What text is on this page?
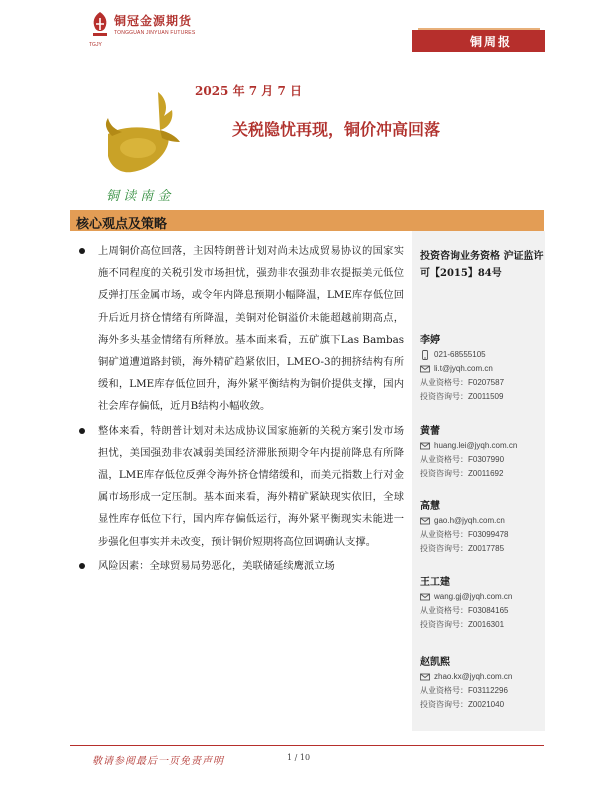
铜冠金源期货
TONGGUAN JINYUAN FUTURES
TGJY	铜周报
铜 读 南 金
2025 年 7 月 7 日
关税隐忧再现，铜价冲高回落
核心观点及策略
上周铜价高位回落，主因特朗普计划对尚未达成贸易协议的国家实施不同程度的关税引发市场担忧，强劲非农强劲非农提振美元低位反弹打压金属市场，或令年内降息预期小幅降温，LME库存低位回升后近月挤仓情绪有所降温，美铜对伦铜溢价未能超越前期高点，海外多头基金情绪有所释放。基本面来看，五矿旗下Las Bambas铜矿道遭道路封锁，海外精矿趋紧依旧，LMEO-3的拥挤结构有所缓和，LME库存低位回升，海外紧平衡结构为铜价提供支撑，国内社会库存偏低，近月B结构小幅收敛。
整体来看，特朗普计划对未达成协议国家施新的关税方案引发市场担忧，美国强劲非农减弱美国经济滞胀预期令年内提前降息有所降温，LME库存低位反弹令海外挤仓情绪缓和，而美元指数上行对金属市场形成一定压制。基本面来看，海外精矿紧缺现实依旧，全球显性库存低位下行，国内库存偏低运行，海外紧平衡现实未能进一步强化但事实并未改变，预计铜价短期将高位回调确认支撑。
风险因素：全球贸易局势恶化，美联储延续鹰派立场
投资咨询业务资格 沪证监许可【2015】84号
李婷
021-68555105
li.t@jyqh.com.cn
从业资格号： F0207587
投资咨询号： Z0011509
黄蕾
huang.lei@jyqh.com.cn
从业资格号： F0307990
投资咨询号： Z0011692
高慧
gao.h@jyqh.com.cn
从业资格号： F03099478
投资咨询号： Z0017785
王工建
wang.gj@jyqh.com.cn
从业资格号： F03084165
投资咨询号： Z0016301
赵凯熙
zhao.kx@jyqh.com.cn
从业资格号： F03112296
投资咨询号： Z0021040
敬请参阅最后一页免责声明	1 / 10
